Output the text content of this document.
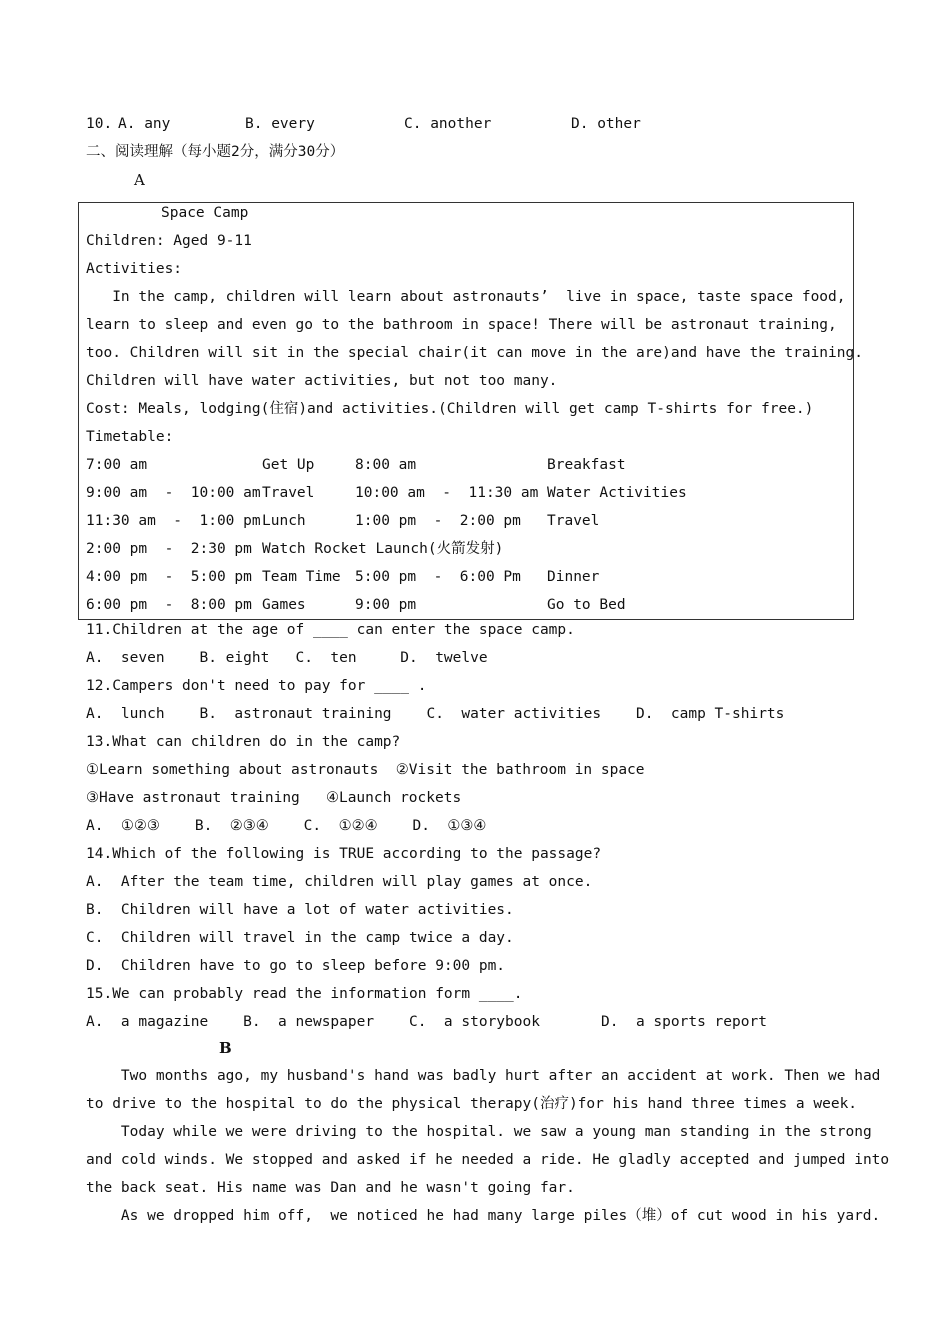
10. A. any	B. every	C. another	D. other
二、阅读理解（每小题2分，满分30分）
A
Space Camp
Children: Aged 9-11
Activities:
In the camp, children will learn about astronauts’  live in space, taste space food,
learn to sleep and even go to the bathroom in space! There will be astronaut training,
too. Children will sit in the special chair(it can move in the are)and have the training.
Children will have water activities, but not too many.
Cost: Meals, lodging(住宿)and activities.(Children will get camp T-shirts for free.)
Timetable:
7:00 am	Get Up	8:00 am	Breakfast
9:00 am  -  10:00 am Travel	10:00 am  -  11:30 am Water Activities
11:30 am  -  1:00 pm Lunch	1:00 pm  -  2:00 pm Travel
2:00 pm  -  2:30 pm Watch Rocket Launch(火箭发射)
4:00 pm  -  5:00 pm Team Time 5:00 pm  -  6:00 Pm Dinner
6:00 pm  -  8:00 pm Games	9:00 pm	Go to Bed
11.Children at the age of ____ can enter the space camp.
A.  seven    B. eight   C.  ten     D.  twelve
12.Campers don't need to pay for ____ .
A.  lunch    B.  astronaut training    C.  water activities    D.  camp T-shirts
13.What can children do in the camp?
①Learn something about astronauts  ②Visit the bathroom in space
③Have astronaut training   ④Launch rockets
A.  ①②③    B.  ②③④    C.  ①②④    D.  ①③④
14.Which of the following is TRUE according to the passage?
A.  After the team time, children will play games at once.
B.  Children will have a lot of water activities.
C.  Children will travel in the camp twice a day.
D.  Children have to go to sleep before 9:00 pm.
15.We can probably read the information form ____.
A.  a magazine    B.  a newspaper    C.  a storybook       D.  a sports report
B
Two months ago, my husband's hand was badly hurt after an accident at work. Then we had
to drive to the hospital to do the physical therapy(治疗)for his hand three times a week.
Today while we were driving to the hospital. we saw a young man standing in the strong
and cold winds. We stopped and asked if he needed a ride. He gladly accepted and jumped into
the back seat. His name was Dan and he wasn't going far.
As we dropped him off,  we noticed he had many large piles（堆）of cut wood in his yard.
